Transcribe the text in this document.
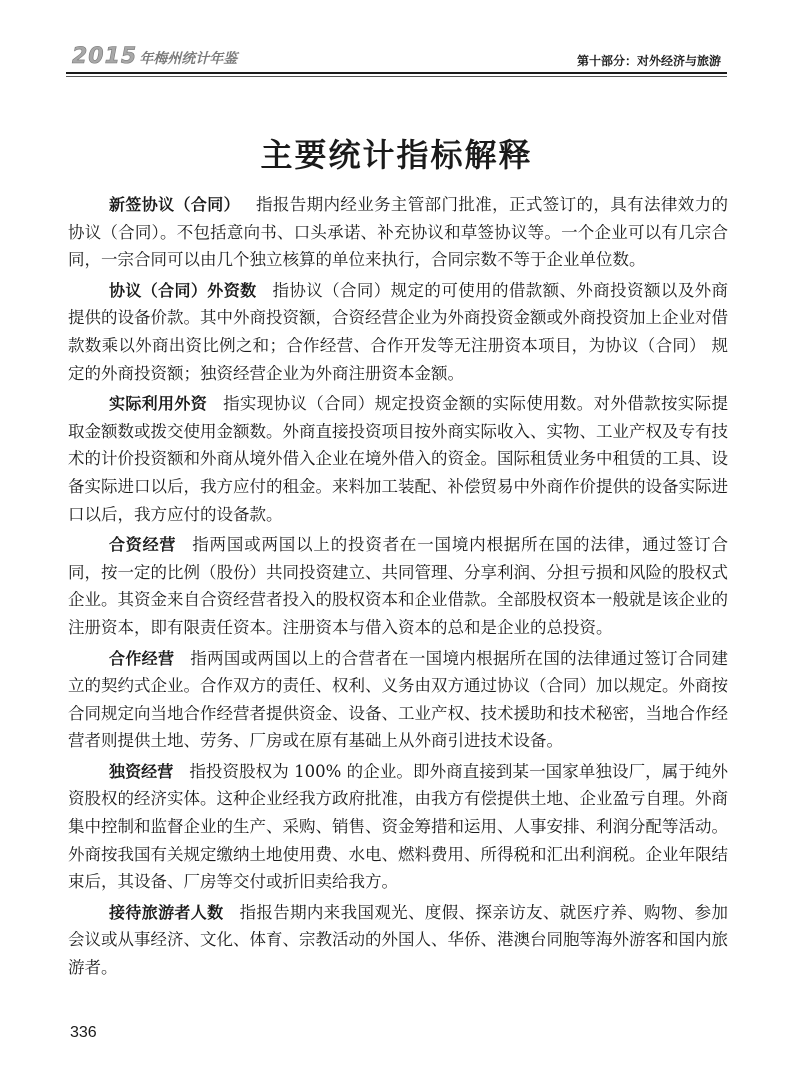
2015 年梅州统计年鉴	第十部分：对外经济与旅游
主要统计指标解释

新签协议（合同） 指报告期内经业务主管部门批准，正式签订的，具有法律效力的协议（合同）。不包括意向书、口头承诺、补充协议和草签协议等。一个企业可以有几宗合同，一宗合同可以由几个独立核算的单位来执行，合同宗数不等于企业单位数。

协议（合同）外资数 指协议（合同）规定的可使用的借款额、外商投资额以及外商提供的设备价款。其中外商投资额，合资经营企业为外商投资金额或外商投资加上企业对借款数乘以外商出资比例之和；合作经营、合作开发等无注册资本项目，为协议（合同） 规定的外商投资额；独资经营企业为外商注册资本金额。

实际利用外资 指实现协议（合同）规定投资金额的实际使用数。对外借款按实际提取金额数或拨交使用金额数。外商直接投资项目按外商实际收入、实物、工业产权及专有技术的计价投资额和外商从境外借入企业在境外借入的资金。国际租赁业务中租赁的工具、设备实际进口以后，我方应付的租金。来料加工装配、补偿贸易中外商作价提供的设备实际进口以后，我方应付的设备款。

合资经营 指两国或两国以上的投资者在一国境内根据所在国的法律，通过签订合同，按一定的比例（股份）共同投资建立、共同管理、分享利润、分担亏损和风险的股权式企业。其资金来自合资经营者投入的股权资本和企业借款。全部股权资本一般就是该企业的注册资本，即有限责任资本。注册资本与借入资本的总和是企业的总投资。

合作经营 指两国或两国以上的合营者在一国境内根据所在国的法律通过签订合同建立的契约式企业。合作双方的责任、权利、义务由双方通过协议（合同）加以规定。外商按合同规定向当地合作经营者提供资金、设备、工业产权、技术援助和技术秘密，当地合作经营者则提供土地、劳务、厂房或在原有基础上从外商引进技术设备。

独资经营 指投资股权为 100% 的企业。即外商直接到某一国家单独设厂，属于纯外资股权的经济实体。这种企业经我方政府批准，由我方有偿提供土地、企业盈亏自理。外商集中控制和监督企业的生产、采购、销售、资金筹措和运用、人事安排、利润分配等活动。外商按我国有关规定缴纳土地使用费、水电、燃料费用、所得税和汇出利润税。企业年限结束后，其设备、厂房等交付或折旧卖给我方。

接待旅游者人数 指报告期内来我国观光、度假、探亲访友、就医疗养、购物、参加会议或从事经济、文化、体育、宗教活动的外国人、华侨、港澳台同胞等海外游客和国内旅游者。

336
